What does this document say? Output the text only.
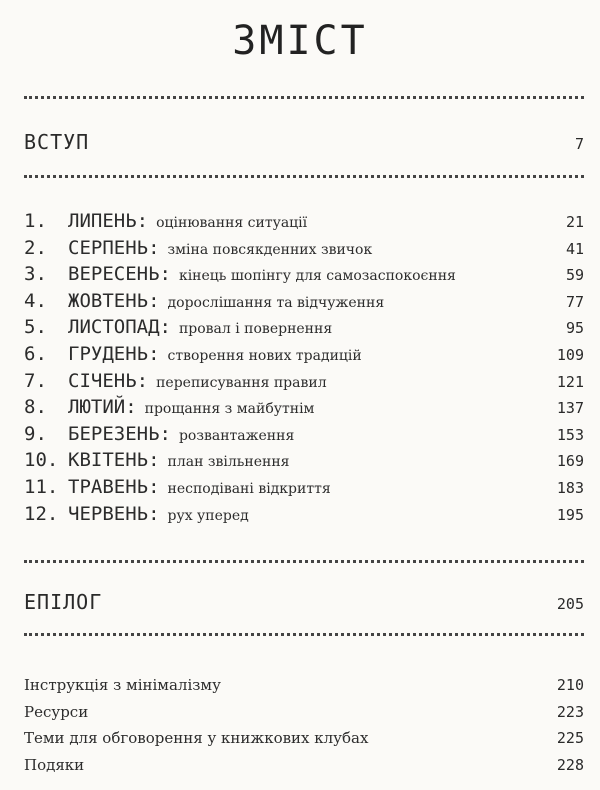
ЗМІСТ
ВСТУП	7
1.	ЛИПЕНЬ: оцінювання ситуації	21
2.	СЕРПЕНЬ: зміна повсякденних звичок	41
3.	ВЕРЕСЕНЬ: кінець шопінгу для самозаспокоєння	59
4.	ЖОВТЕНЬ: дорослішання та відчуження	77
5.	ЛИСТОПАД: провал і повернення	95
6.	ГРУДЕНЬ: створення нових традицій	109
7.	СІЧЕНЬ: переписування правил	121
8.	ЛЮТИЙ: прощання з майбутнім	137
9.	БЕРЕЗЕНЬ: розвантаження	153
10. КВІТЕНЬ: план звільнення	169
11. ТРАВЕНЬ: несподівані відкриття	183
12. ЧЕРВЕНЬ: рух уперед	195
ЕПІЛОГ	205
Інструкція з мінімалізму	210
Ресурси	223
Теми для обговорення у книжкових клубах	225
Подяки	228
